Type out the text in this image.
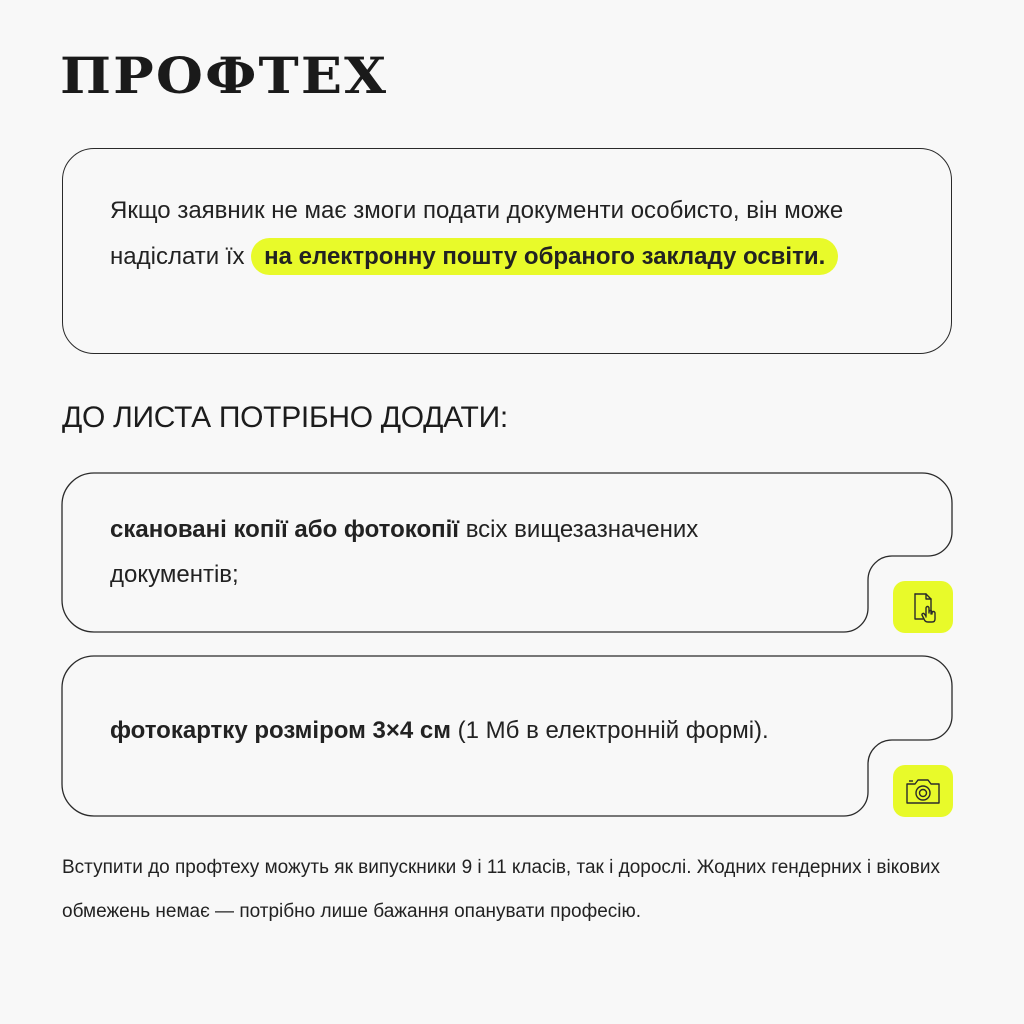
ПРОФТЕХ
Якщо заявник не має змоги подати документи особисто, він може надіслати їх на електронну пошту обраного закладу освіти.
ДО ЛИСТА ПОТРІБНО ДОДАТИ:
скановані копії або фотокопії всіх вищезазначених документів;
фотокартку розміром 3×4 см (1 Мб в електронній формі).
Вступити до профтеху можуть як випускники 9 і 11 класів, так і дорослі. Жодних гендерних і вікових обмежень немає — потрібно лише бажання опанувати професію.
